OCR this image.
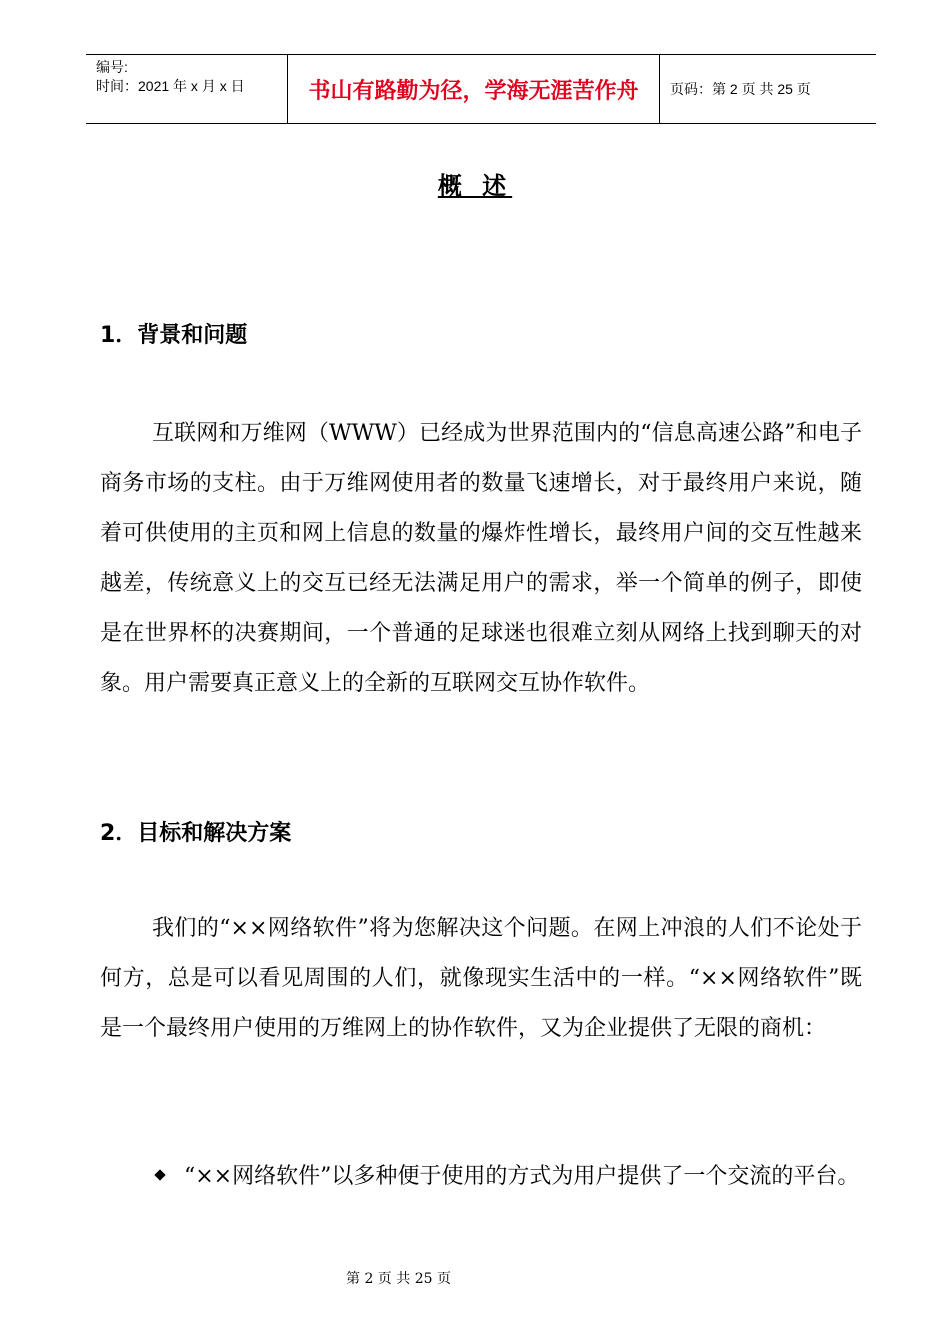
编号:
时间：2021 年 x 月 x 日	书山有路勤为径，学海无涯苦作舟	页码：第 2 页 共 25 页
概 述
1．背景和问题
互联网和万维网（WWW）已经成为世界范围内的“信息高速公路”和电子商务市场的支柱。由于万维网使用者的数量飞速增长，对于最终用户来说，随着可供使用的主页和网上信息的数量的爆炸性增长，最终用户间的交互性越来越差，传统意义上的交互已经无法满足用户的需求，举一个简单的例子，即使是在世界杯的决赛期间，一个普通的足球迷也很难立刻从网络上找到聊天的对象。用户需要真正意义上的全新的互联网交互协作软件。
2．目标和解决方案
我们的“××网络软件”将为您解决这个问题。在网上冲浪的人们不论处于何方，总是可以看见周围的人们，就像现实生活中的一样。“××网络软件”既是一个最终用户使用的万维网上的协作软件，又为企业提供了无限的商机：
“××网络软件”以多种便于使用的方式为用户提供了一个交流的平台。
第 2 页 共 25 页
